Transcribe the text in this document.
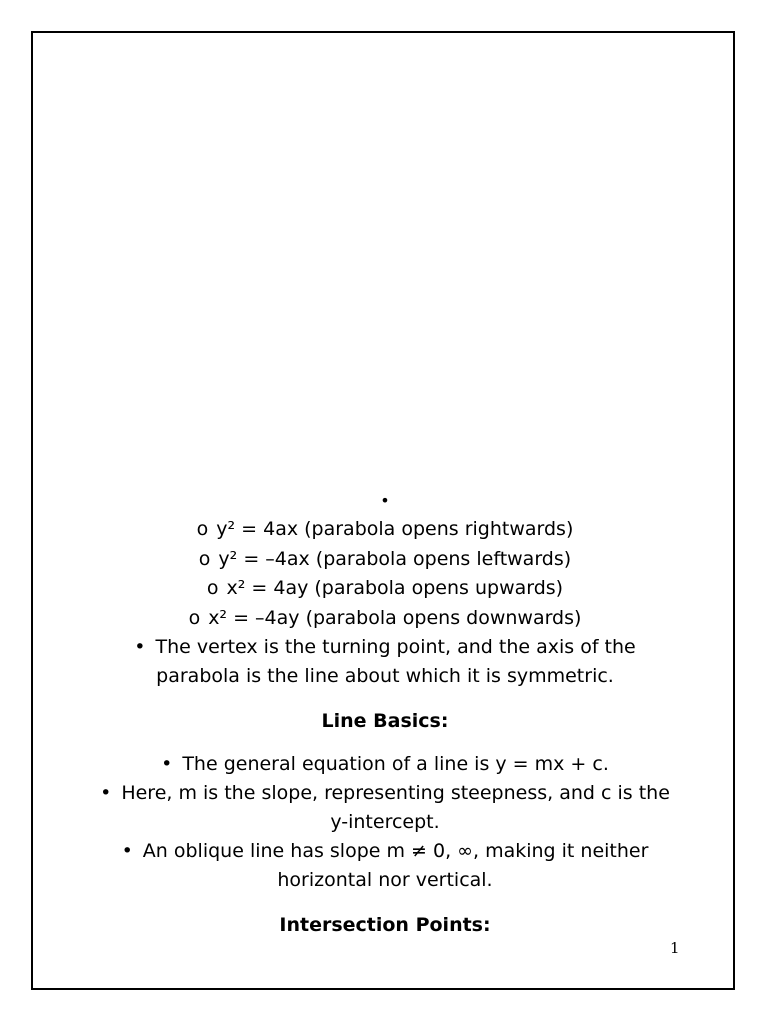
•
o y² = 4ax (parabola opens rightwards)
o y² = –4ax (parabola opens leftwards)
o x² = 4ay (parabola opens upwards)
o x² = –4ay (parabola opens downwards)
• The vertex is the turning point, and the axis of the parabola is the line about which it is symmetric.
Line Basics:
• The general equation of a line is y = mx + c.
• Here, m is the slope, representing steepness, and c is the y-intercept.
• An oblique line has slope m ≠ 0, ∞, making it neither horizontal nor vertical.
Intersection Points:
1
